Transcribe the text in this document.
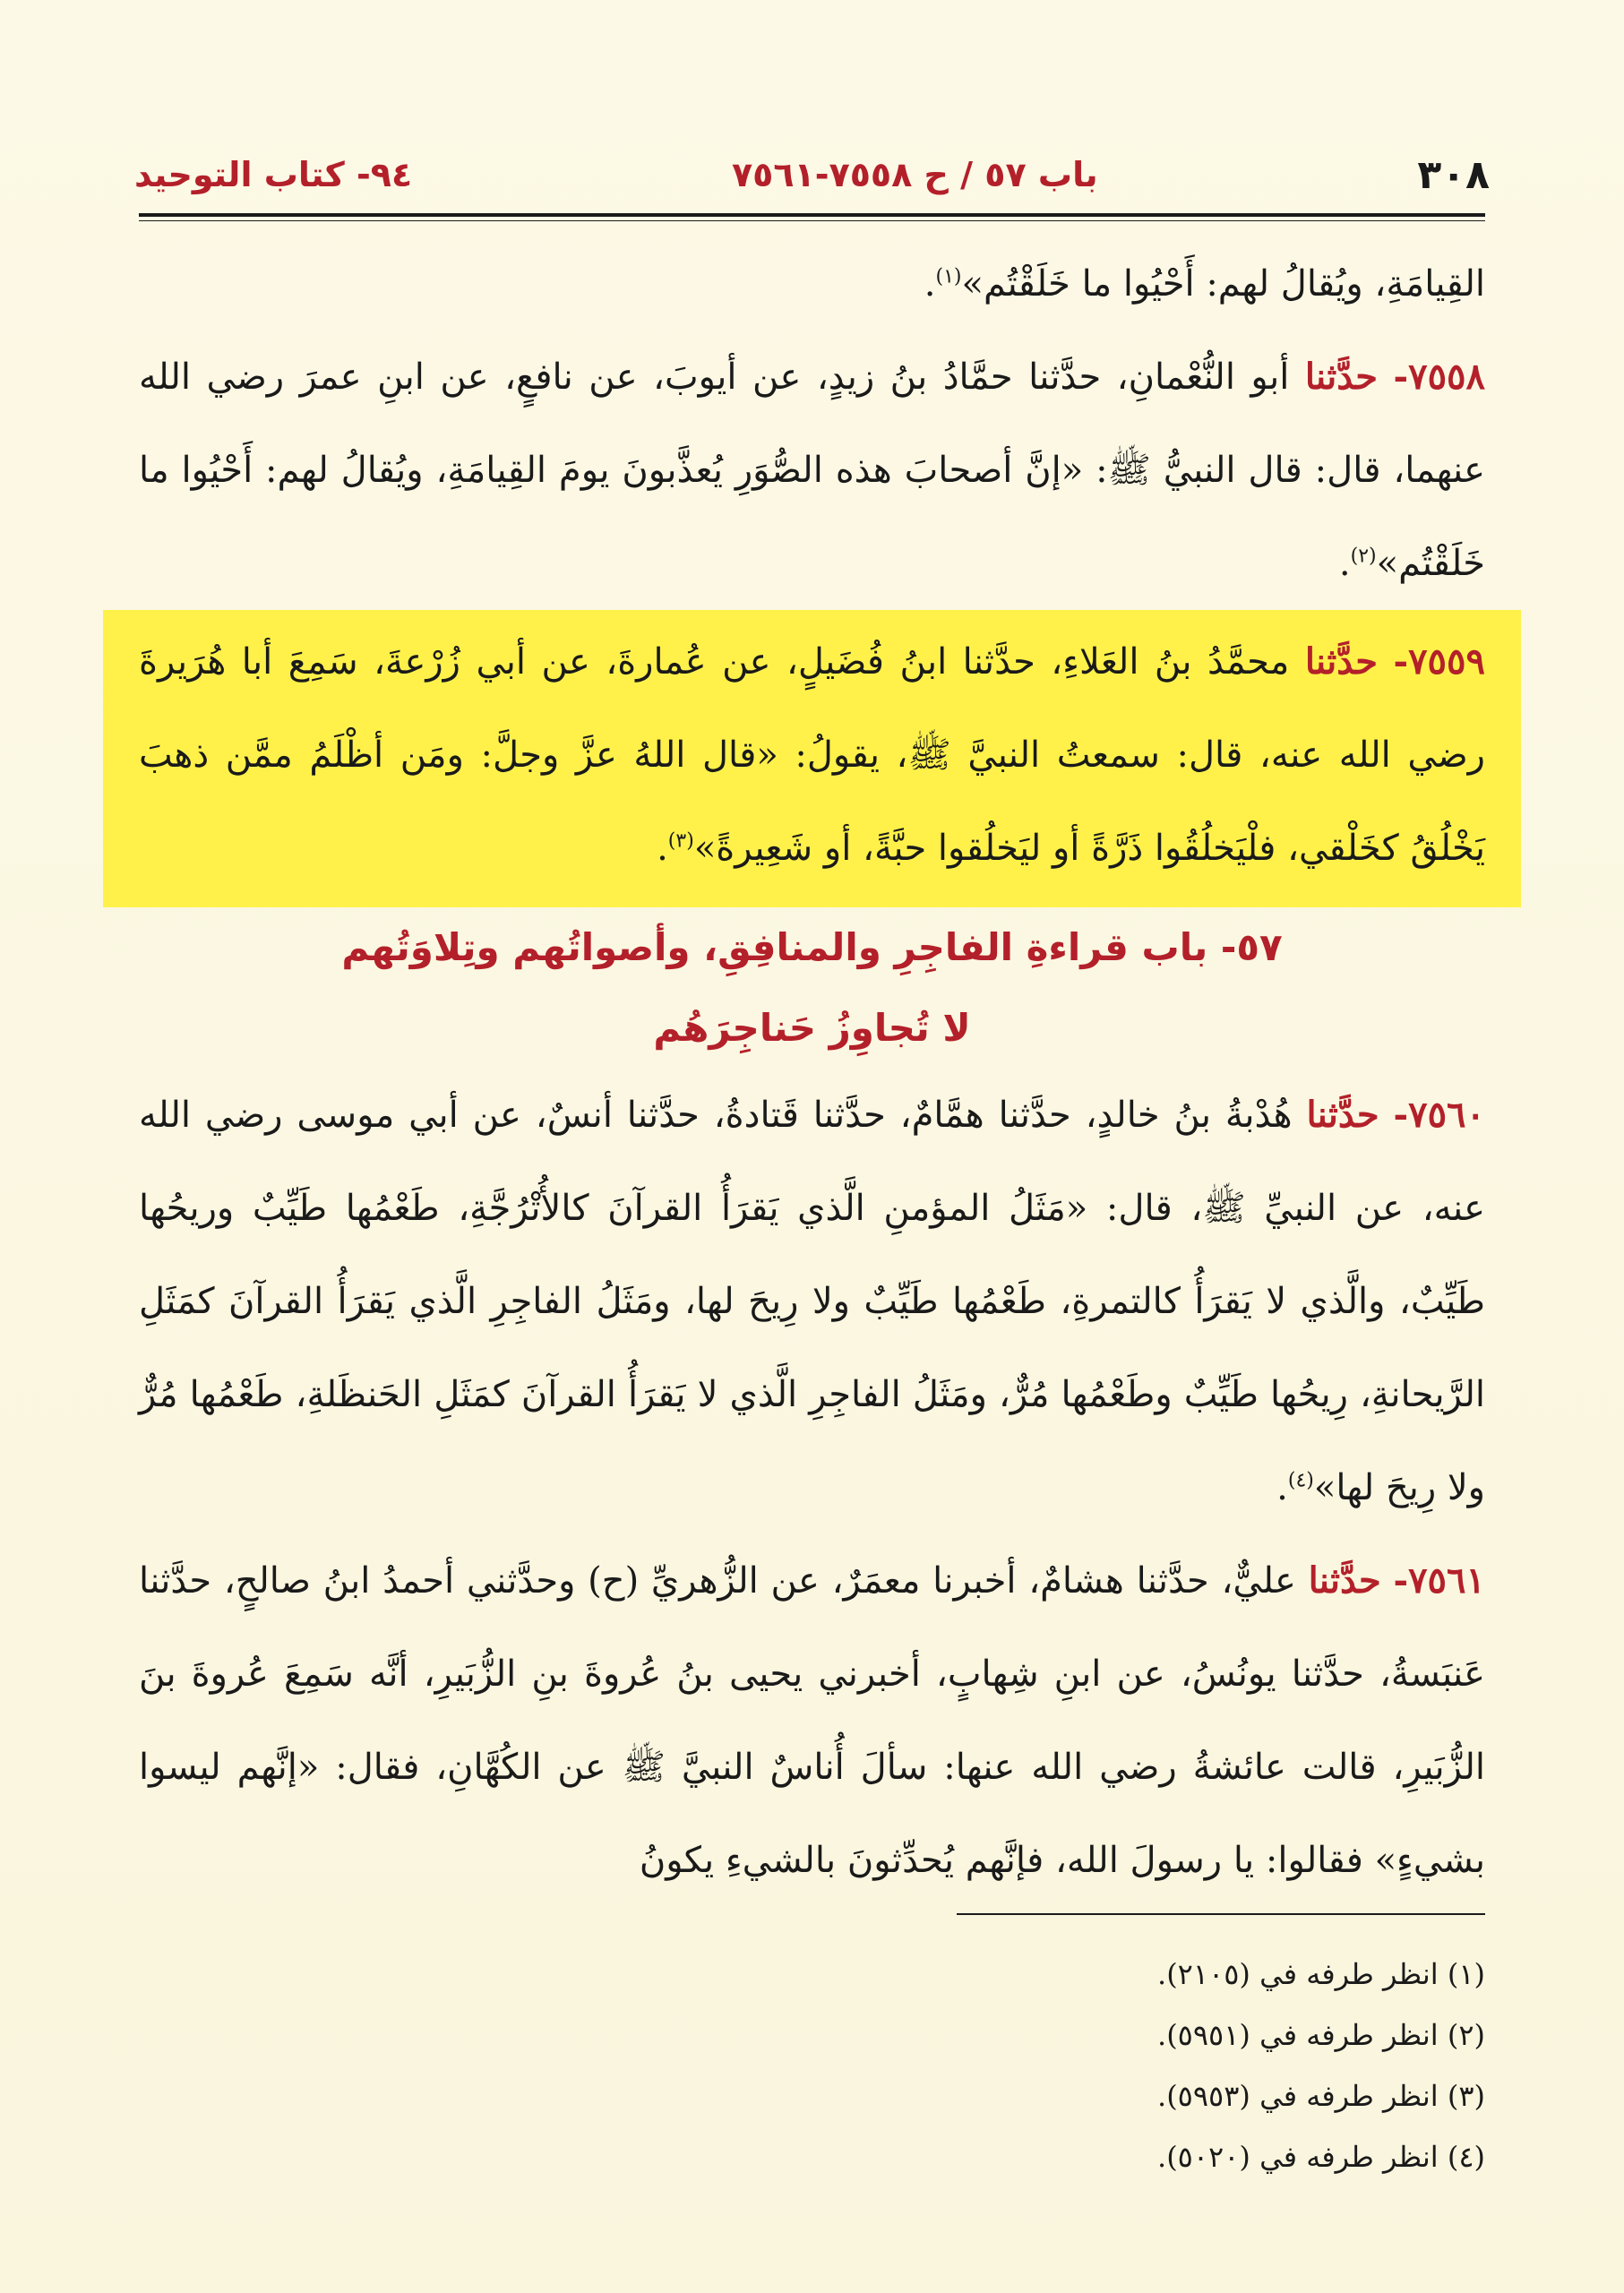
٣٠٨
باب ٥٧ / ح ٧٥٥٨-٧٥٦١
٩٤- كتاب التوحيد

القِيامَةِ، ويُقالُ لهم: أَحْيُوا ما خَلَقْتُم»$^{(١)}$.

٧٥٥٨- حدَّثنا أبو النُّعْمانِ، حدَّثنا حمَّادُ بنُ زيدٍ، عن أيوبَ، عن نافعٍ، عن ابنِ عمرَ رضي الله عنهما، قال: قال النبيُّ ﷺ: «إنَّ أصحابَ هذه الصُّوَرِ يُعذَّبونَ يومَ القِيامَةِ، ويُقالُ لهم: أَحْيُوا ما خَلَقْتُم»$^{(٢)}$.

٧٥٥٩- حدَّثنا محمَّدُ بنُ العَلاءِ، حدَّثنا ابنُ فُضَيلٍ، عن عُمارةَ، عن أبي زُرْعةَ، سَمِعَ أبا هُرَيرةَ رضي الله عنه، قال: سمعتُ النبيَّ ﷺ، يقولُ: «قال اللهُ عزَّ وجلَّ: ومَن أظْلَمُ ممَّن ذهبَ يَخْلُقُ كخَلْقي، فلْيَخلُقُوا ذَرَّةً أو ليَخلُقوا حبَّةً، أو شَعِيرةً»$^{(٣)}$.

٥٧- باب قراءةِ الفاجِرِ والمنافِقِ، وأصواتُهم وتِلاوَتُهم

لا تُجاوِزُ حَناجِرَهُم

٧٥٦٠- حدَّثنا هُدْبةُ بنُ خالدٍ، حدَّثنا همَّامٌ، حدَّثنا قَتادةُ، حدَّثنا أنسٌ، عن أبي موسى رضي الله عنه، عن النبيِّ ﷺ، قال: «مَثَلُ المؤمنِ الَّذي يَقرَأُ القرآنَ كالأُتْرُجَّةِ، طَعْمُها طَيِّبٌ وريحُها طَيِّبٌ، والَّذي لا يَقرَأُ كالتمرةِ، طَعْمُها طَيِّبٌ ولا رِيحَ لها، ومَثَلُ الفاجِرِ الَّذي يَقرَأُ القرآنَ كمَثَلِ الرَّيحانةِ، رِيحُها طَيِّبٌ وطَعْمُها مُرٌّ، ومَثَلُ الفاجِرِ الَّذي لا يَقرَأُ القرآنَ كمَثَلِ الحَنظَلةِ، طَعْمُها مُرٌّ ولا رِيحَ لها»$^{(٤)}$.

٧٥٦١- حدَّثنا عليٌّ، حدَّثنا هشامٌ، أخبرنا معمَرٌ، عن الزُّهريِّ (ح) وحدَّثني أحمدُ ابنُ صالحٍ، حدَّثنا عَنبَسةُ، حدَّثنا يونُسُ، عن ابنِ شِهابٍ، أخبرني يحيى بنُ عُروةَ بنِ الزُّبَيرِ، أنَّه سَمِعَ عُروةَ بنَ الزُّبَيرِ، قالت عائشةُ رضي الله عنها: سألَ أُناسٌ النبيَّ ﷺ عن الكُهَّانِ، فقال: «إنَّهم ليسوا بشيءٍ» فقالوا: يا رسولَ الله، فإنَّهم يُحدِّثونَ بالشيءِ يكونُ

(١) انظر طرفه في (٢١٠٥).

(٢) انظر طرفه في (٥٩٥١).

(٣) انظر طرفه في (٥٩٥٣).

(٤) انظر طرفه في (٥٠٢٠).
